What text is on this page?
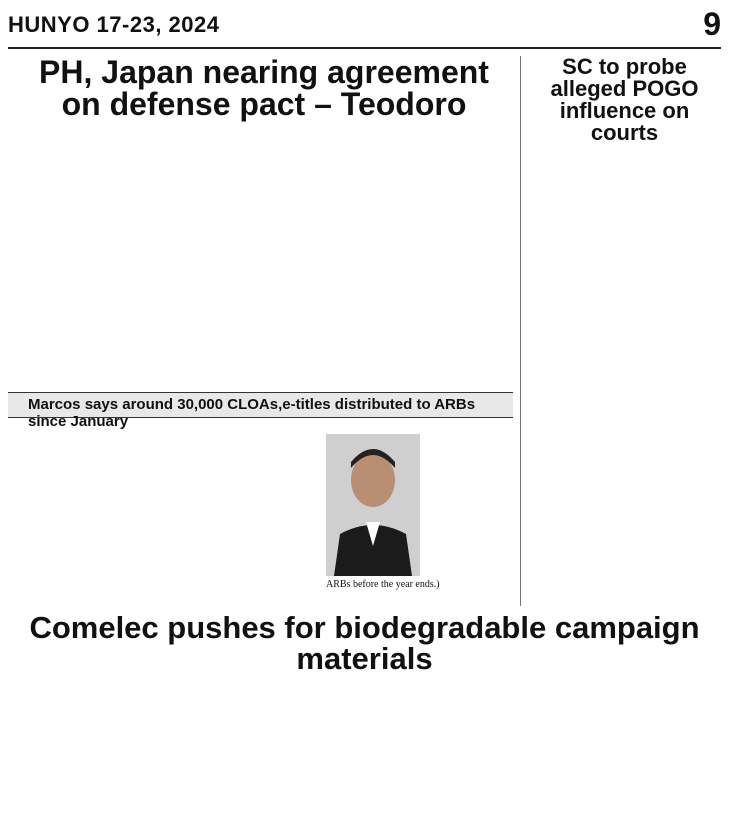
HUNYO 17-23, 2024	9
PH, Japan nearing agreement
on defense pact – Teodoro
SC to probe
alleged POGO
influence on courts
Marcos says around 30,000 CLOAs,e-titles distributed to ARBs since January
ARBs before the year ends.)
Comelec pushes for biodegradable campaign materials
